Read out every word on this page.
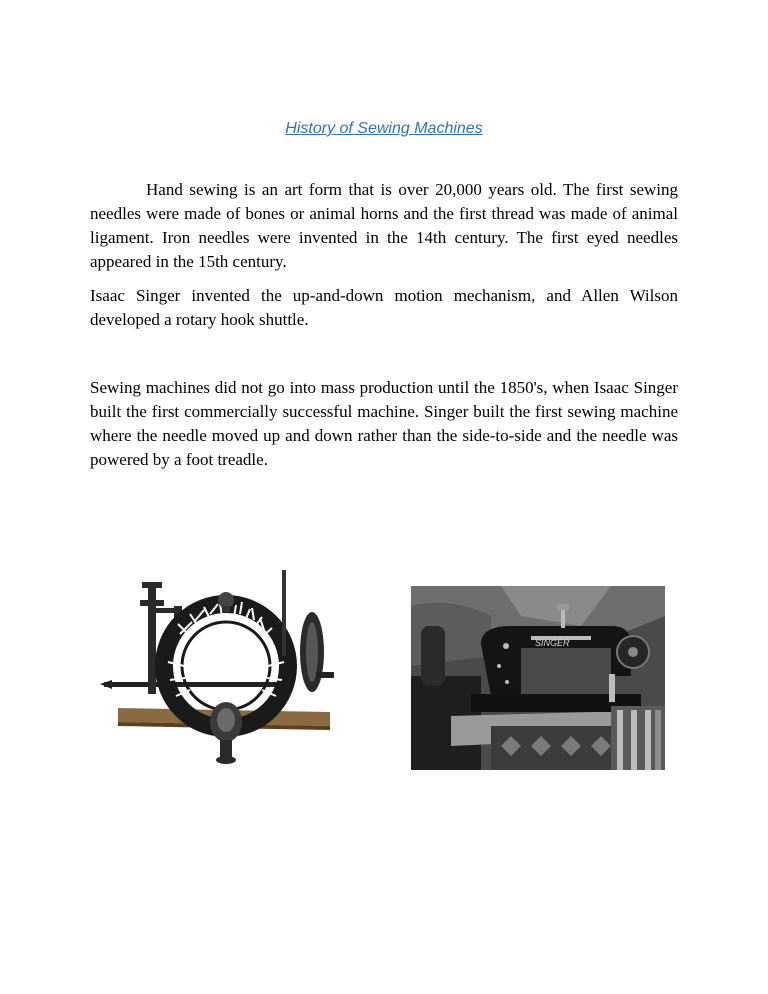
History of Sewing Machines

Hand sewing is an art form that is over 20,000 years old. The first sewing needles were made of bones or animal horns and the first thread was made of animal ligament. Iron needles were invented in the 14th century. The first eyed needles appeared in the 15th century.

Isaac Singer invented the up-and-down motion mechanism, and Allen Wilson developed a rotary hook shuttle.

Sewing machines did not go into mass production until the 1850's, when Isaac Singer built the first commercially successful machine. Singer built the first sewing machine where the needle moved up and down rather than the side-to-side and the needle was powered by a foot treadle.

SINGER
